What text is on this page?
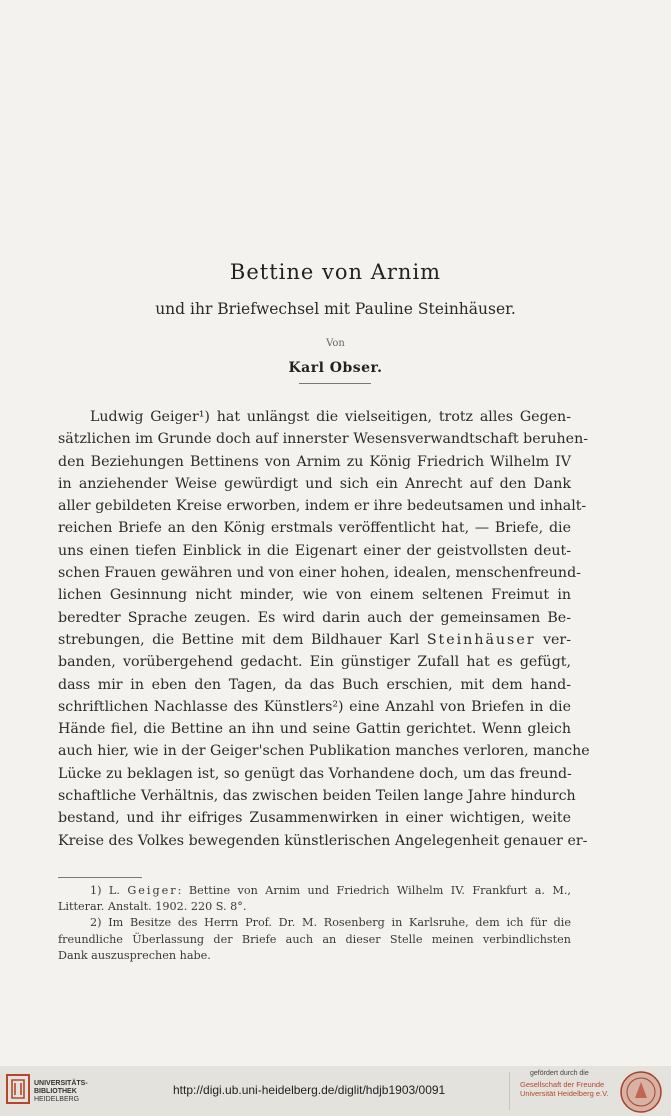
Bettine von Arnim
und ihr Briefwechsel mit Pauline Steinhäuser.
Von
Karl Obser.
Ludwig Geiger¹) hat unlängst die vielseitigen, trotz alles Gegen-
sätzlichen im Grunde doch auf innerster Wesensverwandtschaft beruhen-
den Beziehungen Bettinens von Arnim zu König Friedrich Wilhelm IV
in anziehender Weise gewürdigt und sich ein Anrecht auf den Dank
aller gebildeten Kreise erworben, indem er ihre bedeutsamen und inhalt-
reichen Briefe an den König erstmals veröffentlicht hat, — Briefe, die
uns einen tiefen Einblick in die Eigenart einer der geistvollsten deut-
schen Frauen gewähren und von einer hohen, idealen, menschenfreund-
lichen Gesinnung nicht minder, wie von einem seltenen Freimut in
beredter Sprache zeugen. Es wird darin auch der gemeinsamen Be-
strebungen, die Bettine mit dem Bildhauer Karl Steinhäuser ver-
banden, vorübergehend gedacht. Ein günstiger Zufall hat es gefügt,
dass mir in eben den Tagen, da das Buch erschien, mit dem hand-
schriftlichen Nachlasse des Künstlers²) eine Anzahl von Briefen in die
Hände fiel, die Bettine an ihn und seine Gattin gerichtet. Wenn gleich
auch hier, wie in der Geiger'schen Publikation manches verloren, manche
Lücke zu beklagen ist, so genügt das Vorhandene doch, um das freund-
schaftliche Verhältnis, das zwischen beiden Teilen lange Jahre hindurch
bestand, und ihr eifriges Zusammenwirken in einer wichtigen, weite
Kreise des Volkes bewegenden künstlerischen Angelegenheit genauer er-
1) L. Geiger: Bettine von Arnim und Friedrich Wilhelm IV. Frankfurt a. M.,
Litterar. Anstalt. 1902. 220 S. 8°.
2) Im Besitze des Herrn Prof. Dr. M. Rosenberg in Karlsruhe, dem ich für die
freundliche Überlassung der Briefe auch an dieser Stelle meinen verbindlichsten
Dank auszusprechen habe.
UNIVERSITÄTS-
BIBLIOTHEK
HEIDELBERG
http://digi.ub.uni-heidelberg.de/diglit/hdjb1903/0091
gefördert durch die
Gesellschaft der Freunde
Universität Heidelberg e.V.
